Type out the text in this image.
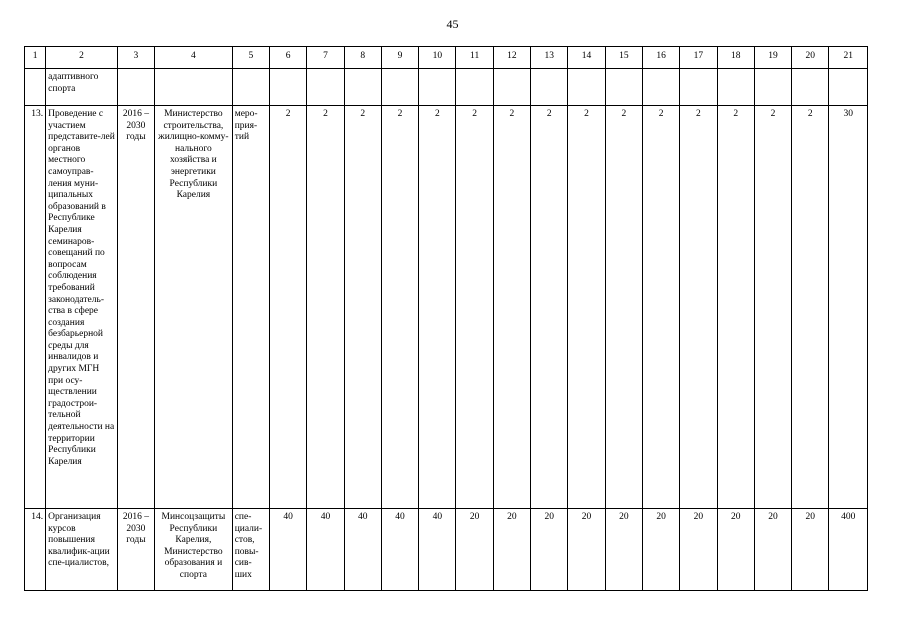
45
1	2	3	4	5	6	7	8	9	10	11	12	13	14	15	16	17	18	19	20	21
	адаптивного спорта																			
13.	Проведение с участием представите-лей органов местного самоуправ-ления муни-ципальных образований в Республике Карелия семинаров-совещаний по вопросам соблюдения требований законодатель-ства в сфере создания безбарьерной среды для инвалидов и других МГН при осу-ществлении градострои-тельной деятельности на территории Республики Карелия	2016 – 2030 годы	Министерство строительства, жилищно-комму-нального хозяйства и энергетики Республики Карелия	меро-прия-тий	2	2	2	2	2	2	2	2	2	2	2	2	2	2	2	30
14.	Организация курсов повышения квалифик-ации спе-циалистов,	2016 – 2030 годы	Минсоцзащиты Республики Карелия, Министерство образования и спорта	спе-циали-стов, повы-сив-ших	40	40	40	40	40	20	20	20	20	20	20	20	20	20	20	400
